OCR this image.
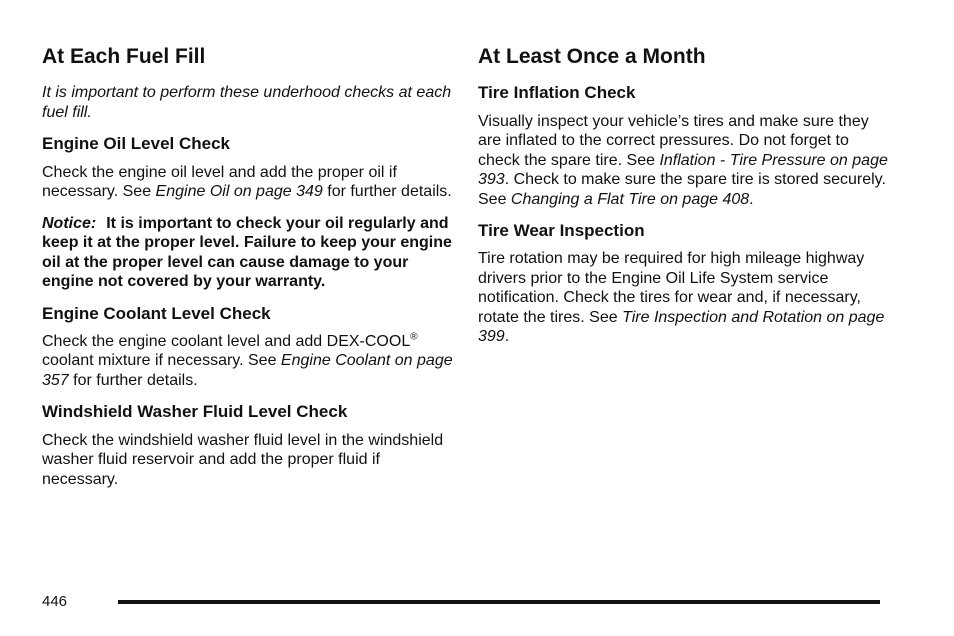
At Each Fuel Fill

It is important to perform these underhood checks at each fuel fill.

Engine Oil Level Check

Check the engine oil level and add the proper oil if necessary. See Engine Oil on page 349 for further details.

Notice: It is important to check your oil regularly and keep it at the proper level. Failure to keep your engine oil at the proper level can cause damage to your engine not covered by your warranty.

Engine Coolant Level Check

Check the engine coolant level and add DEX-COOL® coolant mixture if necessary. See Engine Coolant on page 357 for further details.

Windshield Washer Fluid Level Check

Check the windshield washer fluid level in the windshield washer fluid reservoir and add the proper fluid if necessary.

At Least Once a Month
Tire Inflation Check

Visually inspect your vehicle’s tires and make sure they are inflated to the correct pressures. Do not forget to check the spare tire. See Inflation - Tire Pressure on page 393. Check to make sure the spare tire is stored securely. See Changing a Flat Tire on page 408.

Tire Wear Inspection

Tire rotation may be required for high mileage highway drivers prior to the Engine Oil Life System service notification. Check the tires for wear and, if necessary, rotate the tires. See Tire Inspection and Rotation on page 399.

446
